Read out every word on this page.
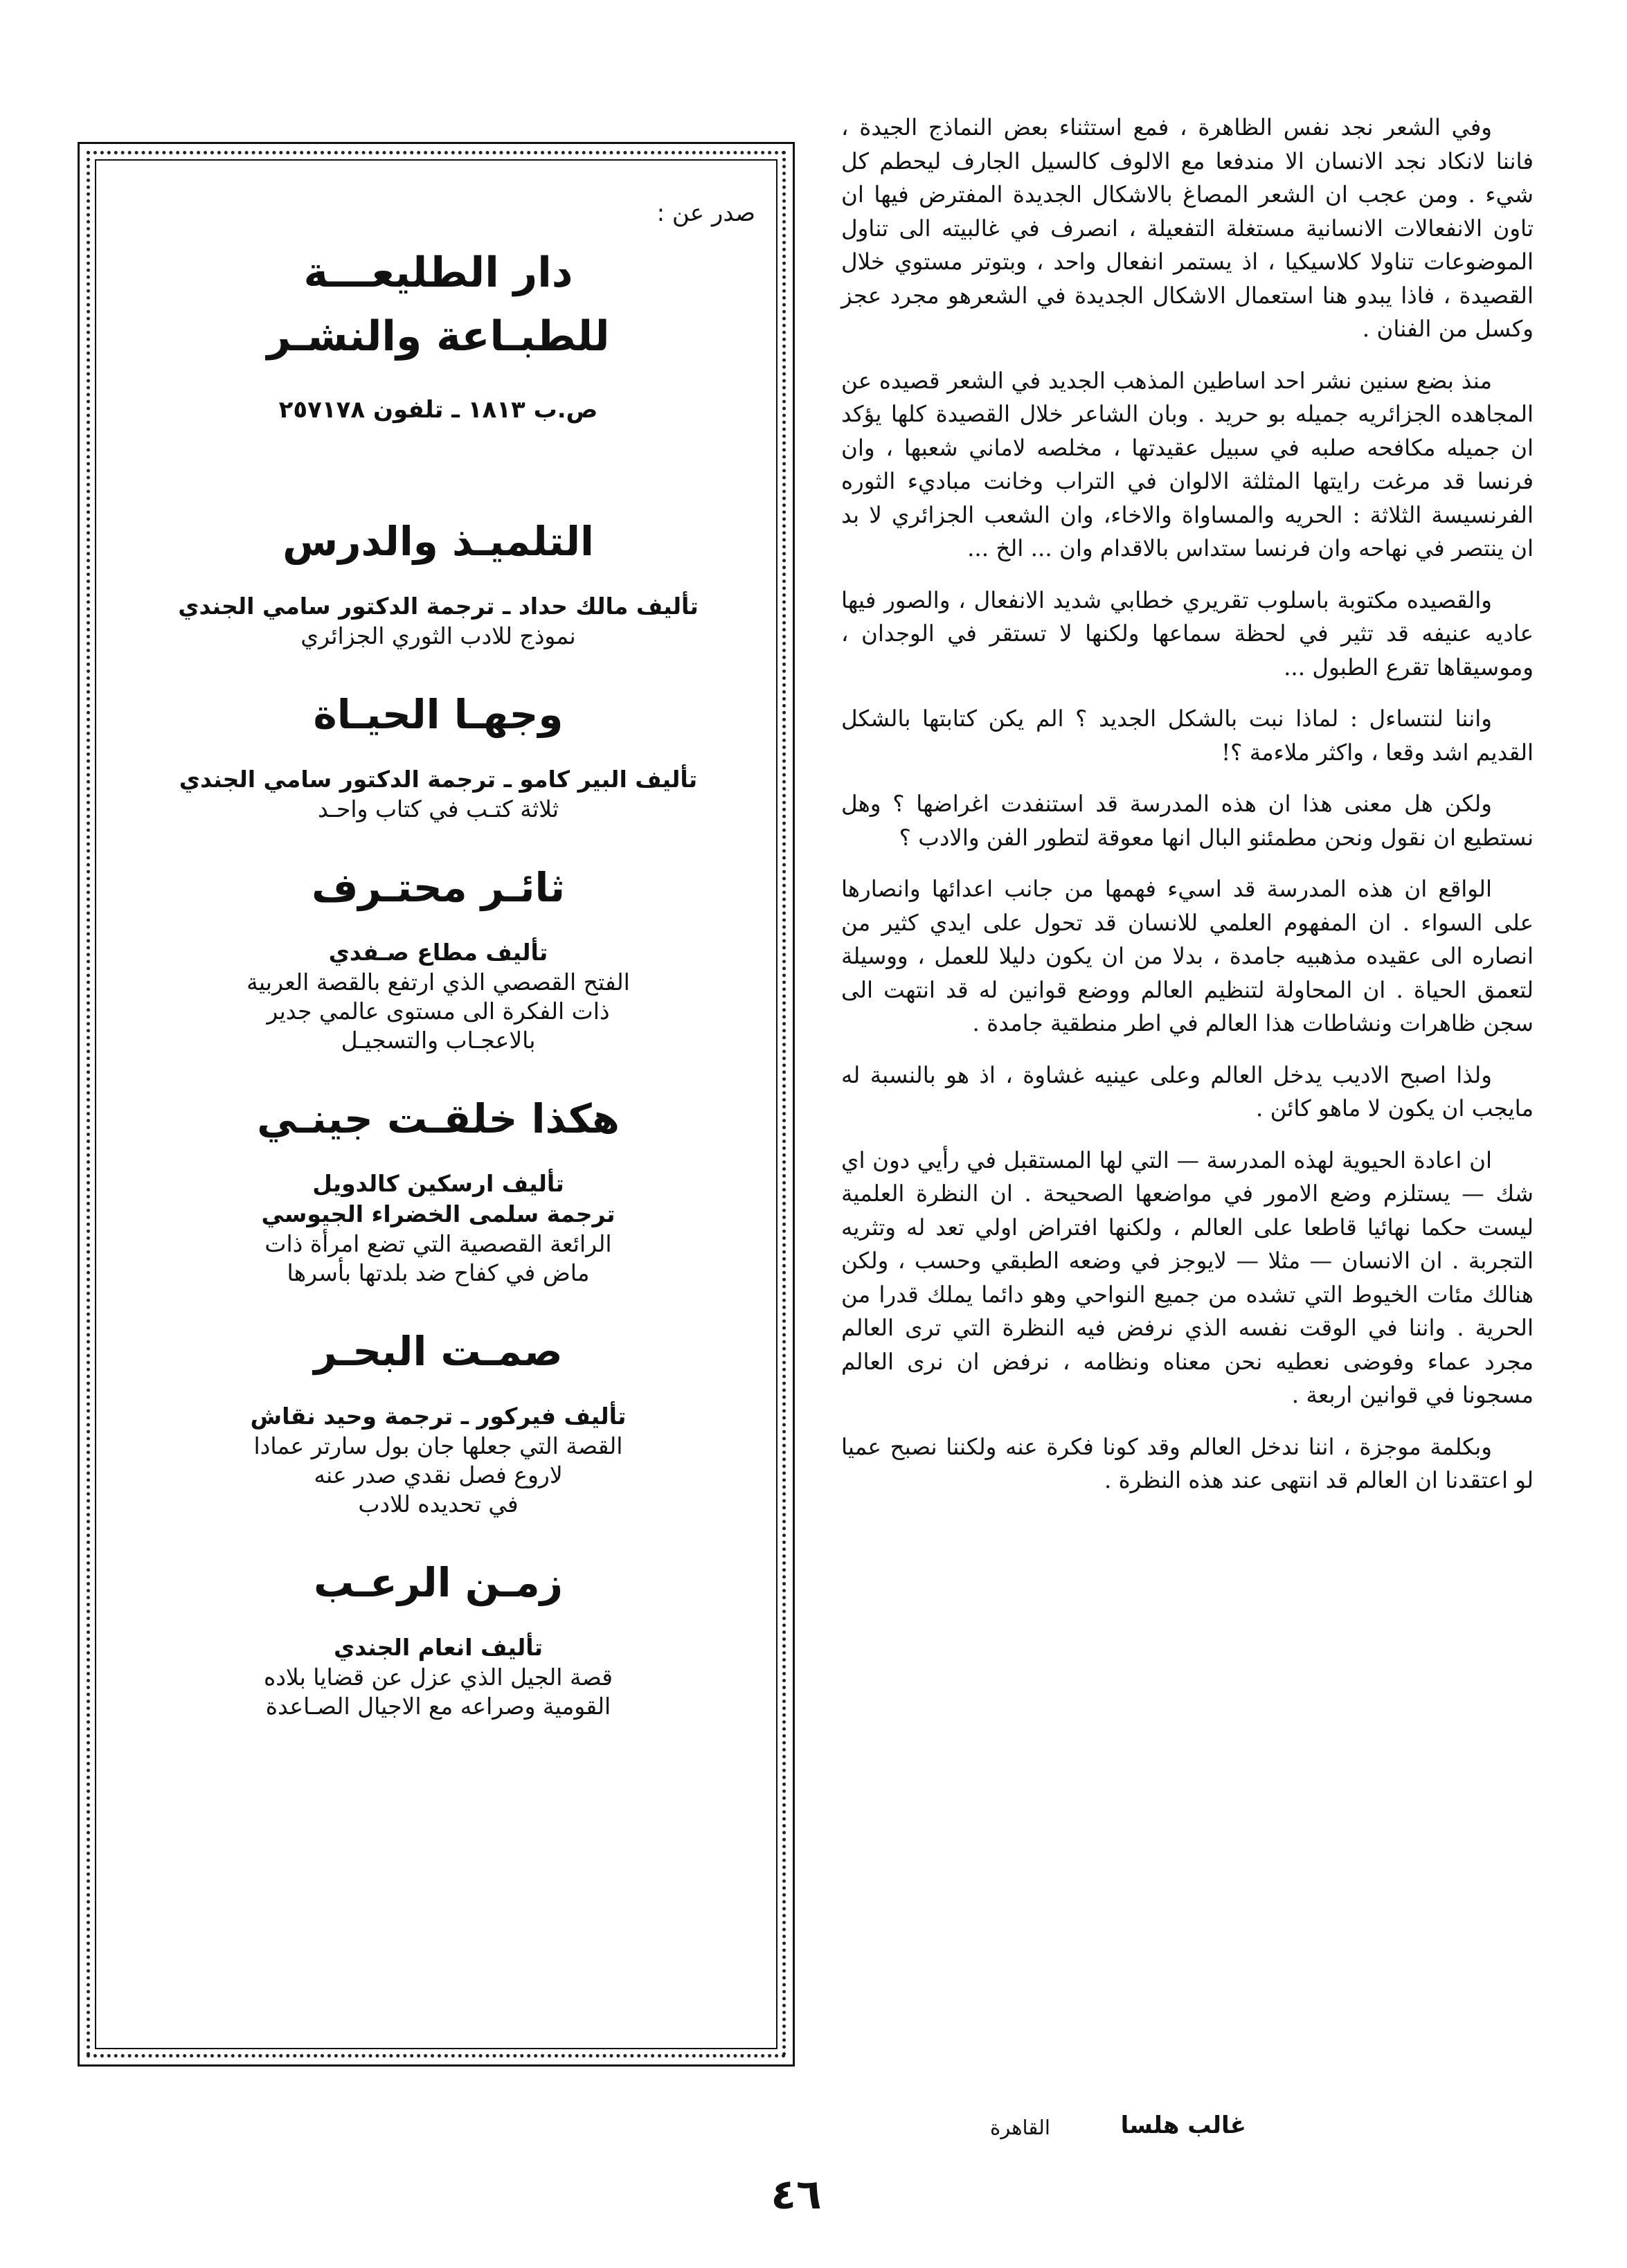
وفي الشعر نجد نفس الظاهرة ، فمع استثناء بعض النماذج الجيدة ، فاننا لانكاد نجد الانسان الا مندفعا مع الالوف كالسيل الجارف ليحطم كل شيء . ومن عجب ان الشعر المصاغ بالاشكال الجديدة المفترض فيها ان تاون الانفعالات الانسانية مستغلة التفعيلة ، انصرف في غالبيته الى تناول الموضوعات تناولا كلاسيكيا ، اذ يستمر انفعال واحد ، وبتوتر مستوي خلال القصيدة ، فاذا يبدو هنا استعمال الاشكال الجديدة في الشعرهو مجرد عجز وكسل من الفنان .

منذ بضع سنين نشر احد اساطين المذهب الجديد في الشعر قصيده عن المجاهده الجزائريه جميله بو حريد . وبان الشاعر خلال القصيدة كلها يؤكد ان جميله مكافحه صلبه في سبيل عقيدتها ، مخلصه لاماني شعبها ، وان فرنسا قد مرغت رايتها المثلثة الالوان في التراب وخانت مباديء الثوره الفرنسيسة الثلاثة : الحريه والمساواة والاخاء، وان الشعب الجزائري لا بد ان ينتصر في نهاحه وان فرنسا ستداس بالاقدام وان ... الخ ...

والقصيده مكتوبة باسلوب تقريري خطابي شديد الانفعال ، والصور فيها عاديه عنيفه قد تثير في لحظة سماعها ولكنها لا تستقر في الوجدان ، وموسيقاها تقرع الطبول ...

واننا لنتساءل : لماذا نبت بالشكل الجديد ؟ الم يكن كتابتها بالشكل القديم اشد وقعا ، واكثر ملاءمة ؟!

ولكن هل معنى هذا ان هذه المدرسة قد استنفدت اغراضها ؟ وهل نستطيع ان نقول ونحن مطمئنو البال انها معوقة لتطور الفن والادب ؟

الواقع ان هذه المدرسة قد اسيء فهمها من جانب اعدائها وانصارها على السواء . ان المفهوم العلمي للانسان قد تحول على ايدي كثير من انصاره الى عقيده مذهبيه جامدة ، بدلا من ان يكون دليلا للعمل ، ووسيلة لتعمق الحياة . ان المحاولة لتنظيم العالم ووضع قوانين له قد انتهت الى سجن ظاهرات ونشاطات هذا العالم في اطر منطقية جامدة .

ولذا اصبح الاديب يدخل العالم وعلى عينيه غشاوة ، اذ هو بالنسبة له مايجب ان يكون لا ماهو كائن .

ان اعادة الحيوية لهذه المدرسة — التي لها المستقبل في رأيي دون اي شك — يستلزم وضع الامور في مواضعها الصحيحة . ان النظرة العلمية ليست حكما نهائيا قاطعا على العالم ، ولكنها افتراض اولي تعد له وتثريه التجربة . ان الانسان — مثلا — لايوجز في وضعه الطبقي وحسب ، ولكن هنالك مئات الخيوط التي تشده من جميع النواحي وهو دائما يملك قدرا من الحرية . واننا في الوقت نفسه الذي نرفض فيه النظرة التي ترى العالم مجرد عماء وفوضى نعطيه نحن معناه ونظامه ، نرفض ان نرى العالم مسجونا في قوانين اربعة .

وبكلمة موجزة ، اننا ندخل العالم وقد كونا فكرة عنه ولكننا نصبح عميا لو اعتقدنا ان العالم قد انتهى عند هذه النظرة .

غالب هلسا
القاهرة
٤٦

صدر عن :

دار الطليعـــة

للطبـاعة والنشـر

ص.ب ١٨١٣ ـ تلفون ٢٥٧١٧٨

التلميـذ والدرس

تأليف مالك حداد ـ ترجمة الدكتور سامي الجندي

نموذج للادب الثوري الجزائري

وجهـا الحيـاة

تأليف البير كامو ـ ترجمة الدكتور سامي الجندي

ثلاثة كتـب في كتاب واحـد

ثائـر محتـرف

تأليف مطاع صـفدي

الفتح القصصي الذي ارتفع بالقصة العربية

ذات الفكرة الى مستوى عالمي جدير

بالاعجـاب والتسجيـل

هكذا خلقـت جينـي

تأليف ارسكين كالدويل
ترجمة سلمى الخضراء الجيوسي

الرائعة القصصية التي تضع امرأة ذات

ماض في كفاح ضد بلدتها بأسرها

صمـت البحـر

تأليف فيركور ـ ترجمة وحيد نقاش

القصة التي جعلها جان بول سارتر عمادا

لاروع فصل نقدي صدر عنه

في تحديده للادب

زمـن الرعـب

تأليف انعام الجندي

قصة الجيل الذي عزل عن قضايا بلاده

القومية وصراعه مع الاجيال الصـاعدة
